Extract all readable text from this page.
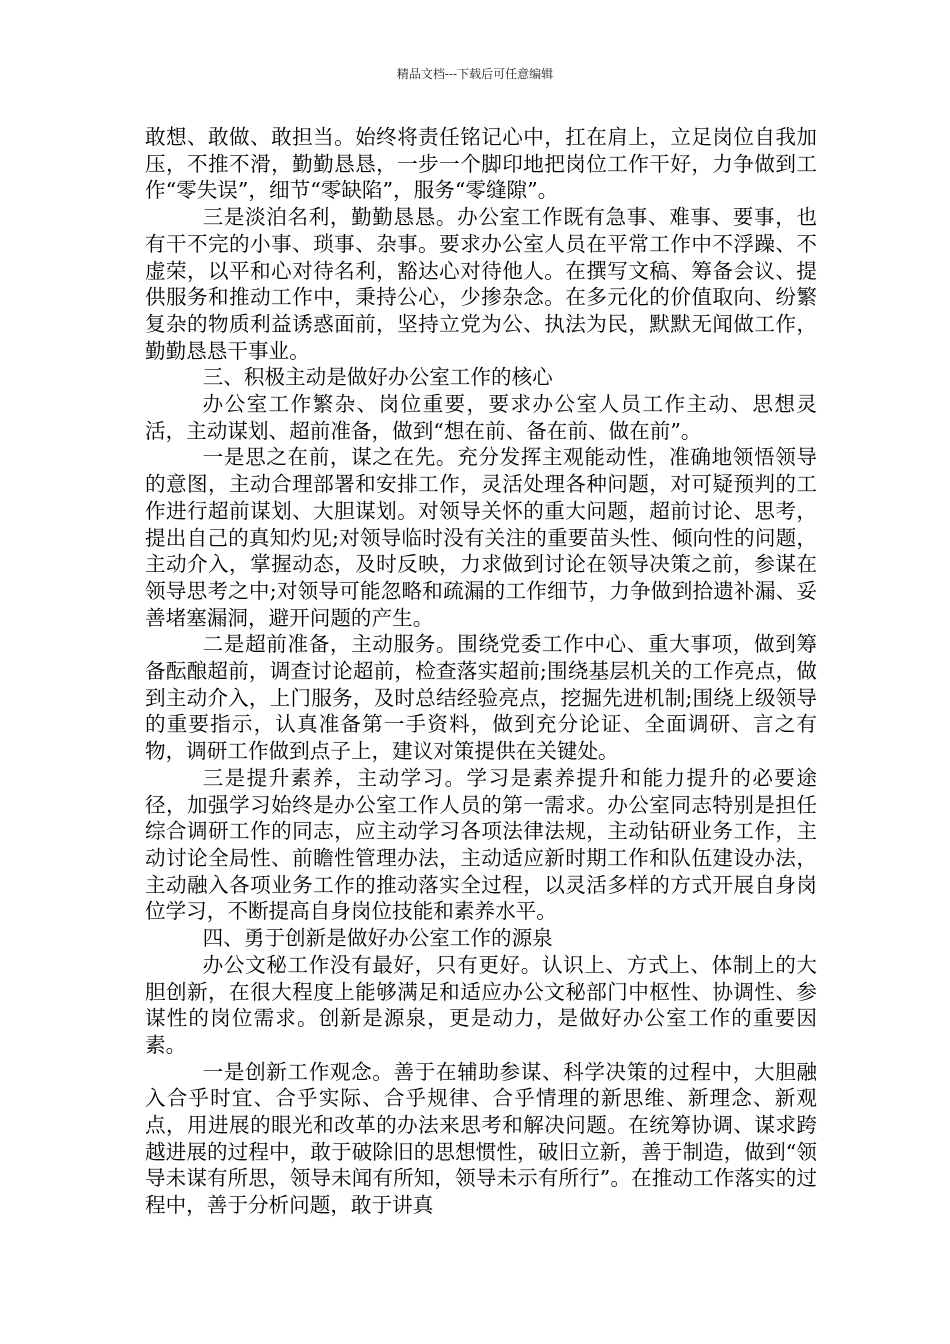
精品文档---下载后可任意编辑

敢想、敢做、敢担当。始终将责任铭记心中，扛在肩上，立足岗位自我加压，不推不滑，勤勤恳恳，一步一个脚印地把岗位工作干好，力争做到工作“零失误”，细节“零缺陷”，服务“零缝隙”。

三是淡泊名利，勤勤恳恳。办公室工作既有急事、难事、要事，也有干不完的小事、琐事、杂事。要求办公室人员在平常工作中不浮躁、不虚荣，以平和心对待名利，豁达心对待他人。在撰写文稿、筹备会议、提供服务和推动工作中，秉持公心，少掺杂念。在多元化的价值取向、纷繁复杂的物质利益诱惑面前，坚持立党为公、执法为民，默默无闻做工作，勤勤恳恳干事业。

三、积极主动是做好办公室工作的核心

办公室工作繁杂、岗位重要，要求办公室人员工作主动、思想灵活，主动谋划、超前准备，做到“想在前、备在前、做在前”。

一是思之在前，谋之在先。充分发挥主观能动性，准确地领悟领导的意图，主动合理部署和安排工作，灵活处理各种问题，对可疑预判的工作进行超前谋划、大胆谋划。对领导关怀的重大问题，超前讨论、思考，提出自己的真知灼见;对领导临时没有关注的重要苗头性、倾向性的问题，主动介入，掌握动态，及时反映，力求做到讨论在领导决策之前，参谋在领导思考之中;对领导可能忽略和疏漏的工作细节，力争做到拾遗补漏、妥善堵塞漏洞，避开问题的产生。

二是超前准备，主动服务。围绕党委工作中心、重大事项，做到筹备酝酿超前，调查讨论超前，检查落实超前;围绕基层机关的工作亮点，做到主动介入，上门服务，及时总结经验亮点，挖掘先进机制;围绕上级领导的重要指示，认真准备第一手资料，做到充分论证、全面调研、言之有物，调研工作做到点子上，建议对策提供在关键处。

三是提升素养，主动学习。学习是素养提升和能力提升的必要途径，加强学习始终是办公室工作人员的第一需求。办公室同志特别是担任综合调研工作的同志，应主动学习各项法律法规，主动钻研业务工作，主动讨论全局性、前瞻性管理办法，主动适应新时期工作和队伍建设办法，主动融入各项业务工作的推动落实全过程，以灵活多样的方式开展自身岗位学习，不断提高自身岗位技能和素养水平。

四、勇于创新是做好办公室工作的源泉

办公文秘工作没有最好，只有更好。认识上、方式上、体制上的大胆创新，在很大程度上能够满足和适应办公文秘部门中枢性、协调性、参谋性的岗位需求。创新是源泉，更是动力，是做好办公室工作的重要因素。

一是创新工作观念。善于在辅助参谋、科学决策的过程中，大胆融入合乎时宜、合乎实际、合乎规律、合乎情理的新思维、新理念、新观点，用进展的眼光和改革的办法来思考和解决问题。在统筹协调、谋求跨越进展的过程中，敢于破除旧的思想惯性，破旧立新，善于制造，做到“领导未谋有所思，领导未闻有所知，领导未示有所行”。在推动工作落实的过程中，善于分析问题，敢于讲真
